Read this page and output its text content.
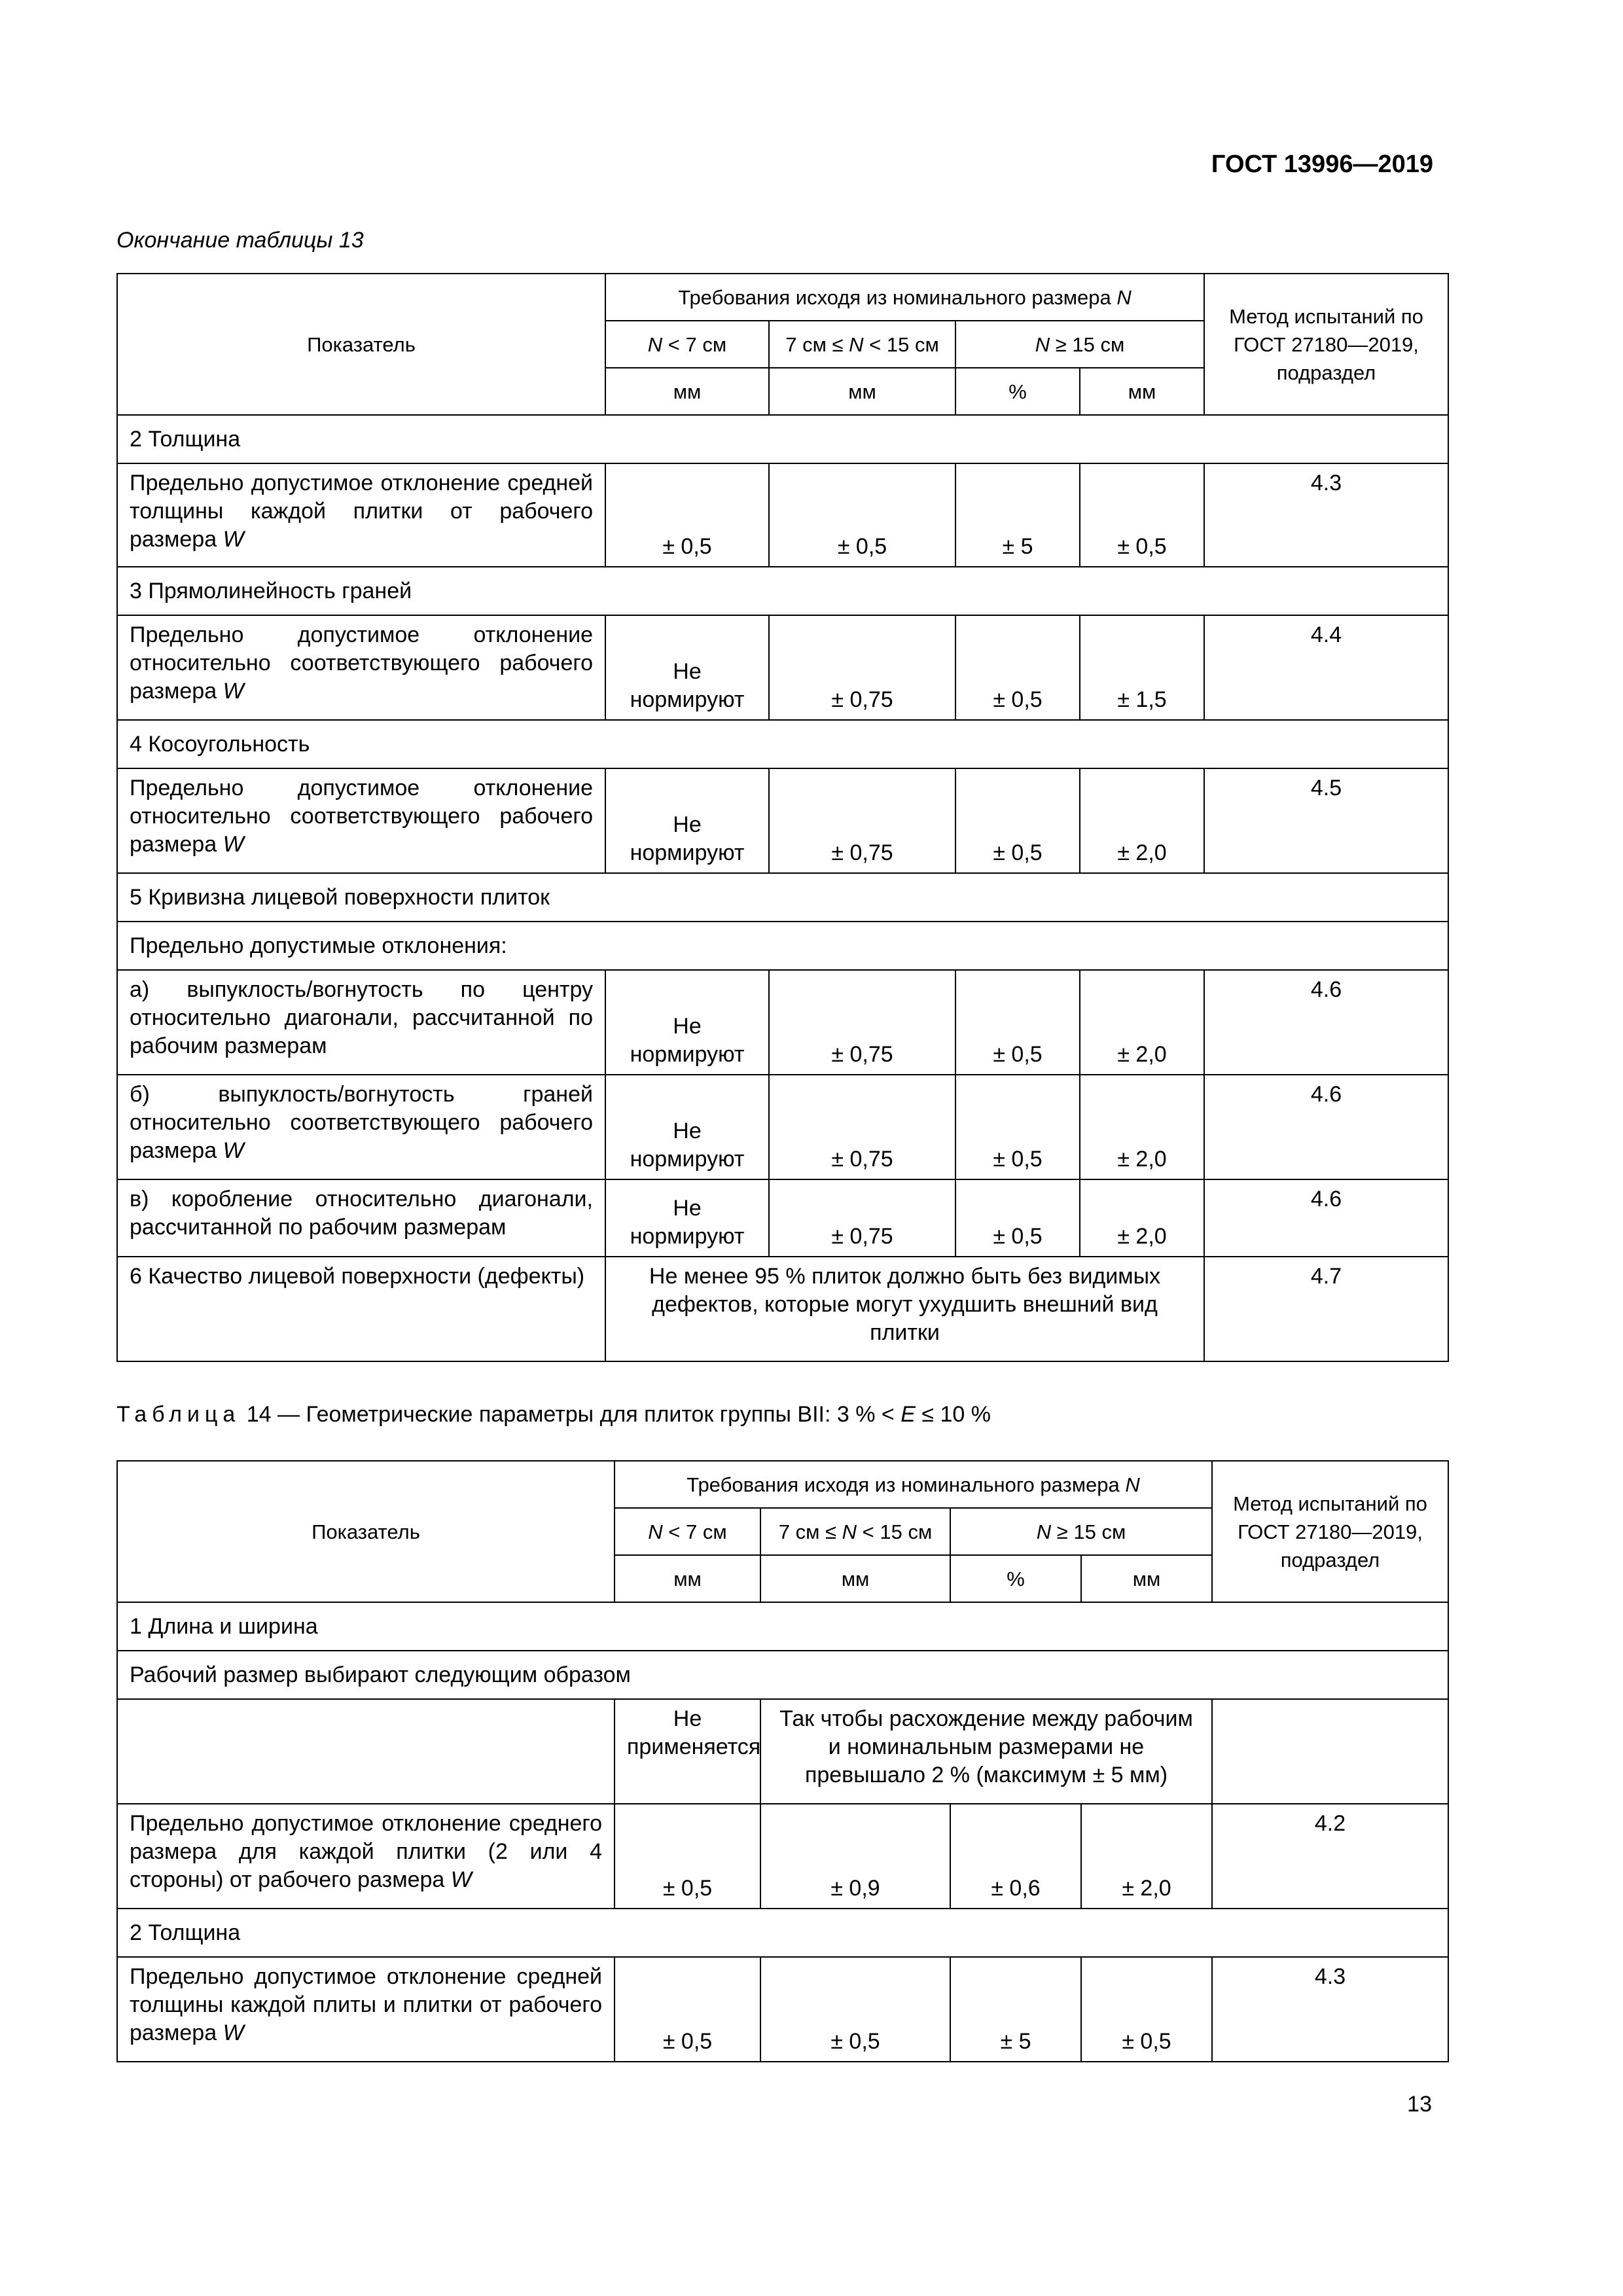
ГОСТ 13996—2019
Окончание таблицы 13
Показатель	Требования исходя из номинального размера N				Метод испытаний по ГОСТ 27180—2019, подраздел
	N < 7 см	7 см ≤ N < 15 см	N ≥ 15 см		
	мм	мм	%	мм	
2 Толщина					
Предельно допустимое отклонение средней толщины каждой плитки от рабочего размера W	± 0,5	± 0,5	± 5	± 0,5	4.3
3 Прямолинейность граней					
Предельно допустимое отклонение относительно соответствующего рабочего размера W	Не нормируют	± 0,75	± 0,5	± 1,5	4.4
4 Косоугольность					
Предельно допустимое отклонение относительно соответствующего рабочего размера W	Не нормируют	± 0,75	± 0,5	± 2,0	4.5
5 Кривизна лицевой поверхности плиток					
Предельно допустимые отклонения:					
а) выпуклость/вогнутость по центру относительно диагонали, рассчитанной по рабочим размерам	Не нормируют	± 0,75	± 0,5	± 2,0	4.6
б) выпуклость/вогнутость граней относительно соответствующего рабочего размера W	Не нормируют	± 0,75	± 0,5	± 2,0	4.6
в) коробление относительно диагонали, рассчитанной по рабочим размерам	Не нормируют	± 0,75	± 0,5	± 2,0	4.6
6 Качество лицевой поверхности (дефекты)	Не менее 95 % плиток должно быть без видимых дефектов, которые могут ухудшить внешний вид плитки				4.7
Таблица 14 — Геометрические параметры для плиток группы BII: 3 % < E ≤ 10 %
Показатель	Требования исходя из номинального размера N				Метод испытаний по ГОСТ 27180—2019, подраздел
	N < 7 см	7 см ≤ N < 15 см	N ≥ 15 см		
	мм	мм	%	мм	
1 Длина и ширина					
Рабочий размер выбирают следующим образом					
	Не применяется	Так чтобы расхождение между рабочим и номинальным размерами не превышало 2 % (максимум ± 5 мм)			
Предельно допустимое отклонение среднего размера для каждой плитки (2 или 4 стороны) от рабочего размера W	± 0,5	± 0,9	± 0,6	± 2,0	4.2
2 Толщина					
Предельно допустимое отклонение средней толщины каждой плиты и плитки от рабочего размера W	± 0,5	± 0,5	± 5	± 0,5	4.3
13
